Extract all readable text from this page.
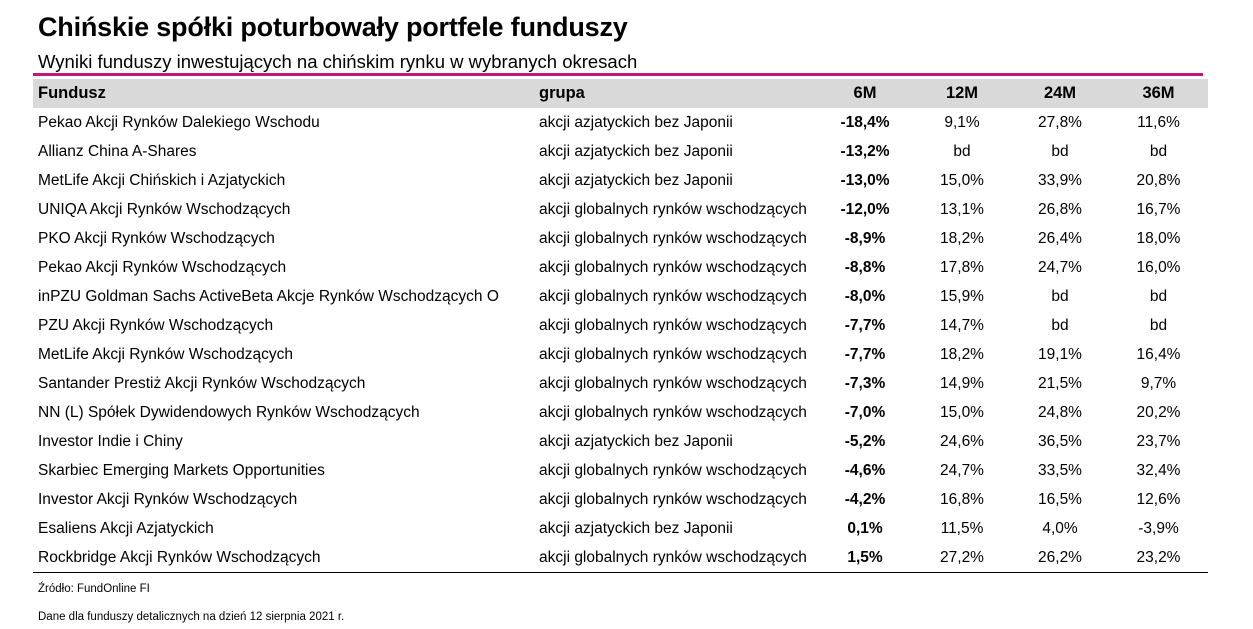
Chińskie spółki poturbowały portfele funduszy
Wyniki funduszy inwestujących na chińskim rynku w wybranych okresach
Fundusz	grupa	6M	12M	24M	36M
Pekao Akcji Rynków Dalekiego Wschodu	akcji azjatyckich bez Japonii	-18,4%	9,1%	27,8%	11,6%
Allianz China A-Shares	akcji azjatyckich bez Japonii	-13,2%	bd	bd	bd
MetLife Akcji Chińskich i Azjatyckich	akcji azjatyckich bez Japonii	-13,0%	15,0%	33,9%	20,8%
UNIQA Akcji Rynków Wschodzących	akcji globalnych rynków wschodzących	-12,0%	13,1%	26,8%	16,7%
PKO Akcji Rynków Wschodzących	akcji globalnych rynków wschodzących	-8,9%	18,2%	26,4%	18,0%
Pekao Akcji Rynków Wschodzących	akcji globalnych rynków wschodzących	-8,8%	17,8%	24,7%	16,0%
inPZU Goldman Sachs ActiveBeta Akcje Rynków Wschodzących O	akcji globalnych rynków wschodzących	-8,0%	15,9%	bd	bd
PZU Akcji Rynków Wschodzących	akcji globalnych rynków wschodzących	-7,7%	14,7%	bd	bd
MetLife Akcji Rynków Wschodzących	akcji globalnych rynków wschodzących	-7,7%	18,2%	19,1%	16,4%
Santander Prestiż Akcji Rynków Wschodzących	akcji globalnych rynków wschodzących	-7,3%	14,9%	21,5%	9,7%
NN (L) Spółek Dywidendowych Rynków Wschodzących	akcji globalnych rynków wschodzących	-7,0%	15,0%	24,8%	20,2%
Investor Indie i Chiny	akcji azjatyckich bez Japonii	-5,2%	24,6%	36,5%	23,7%
Skarbiec Emerging Markets Opportunities	akcji globalnych rynków wschodzących	-4,6%	24,7%	33,5%	32,4%
Investor Akcji Rynków Wschodzących	akcji globalnych rynków wschodzących	-4,2%	16,8%	16,5%	12,6%
Esaliens Akcji Azjatyckich	akcji azjatyckich bez Japonii	0,1%	11,5%	4,0%	-3,9%
Rockbridge Akcji Rynków Wschodzących	akcji globalnych rynków wschodzących	1,5%	27,2%	26,2%	23,2%
Źródło: FundOnline FI
Dane dla funduszy detalicznych na dzień 12 sierpnia 2021 r.
